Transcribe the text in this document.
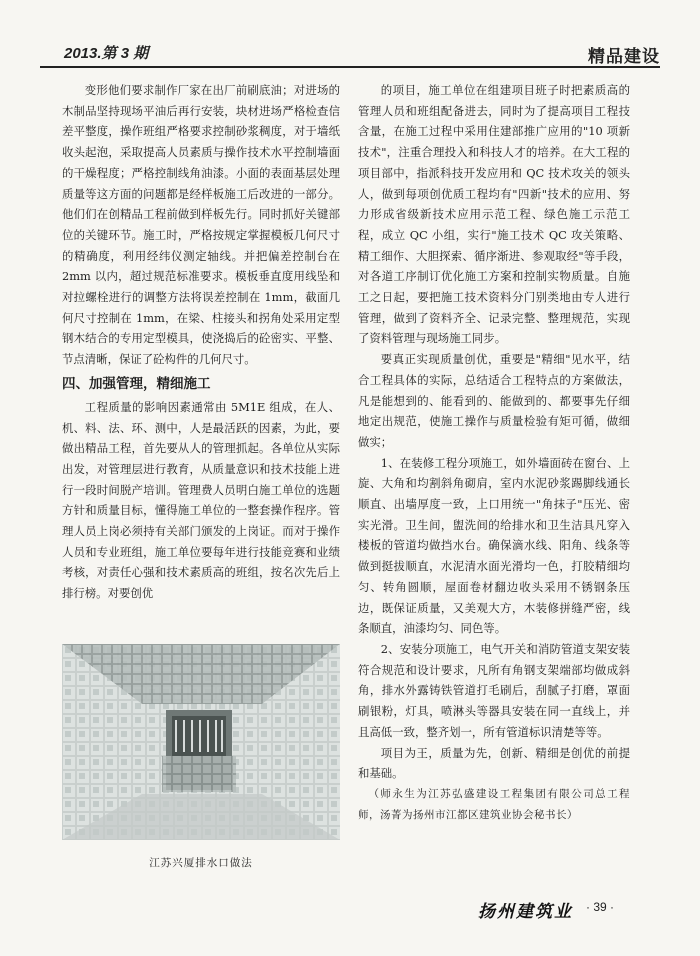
2013.第 3 期	精品建设

变形他们要求制作厂家在出厂前刷底油；对进场的木制品坚持现场平油后再行安装，块材进场严格检查信差平整度，操作班组严格要求控制砂浆稠度，对于墙纸收头起泡，采取提高人员素质与操作技术水平控制墙面的干燥程度；严格控制线角油漆。小面的表面基层处理质量等这方面的问题都是经样板施工后改进的一部分。他们们在创精品工程前做到样板先行。同时抓好关键部位的关键环节。施工时，严格按规定掌握模板几何尺寸的精确度，利用经纬仪测定轴线。并把偏差控制台在 2mm 以内，超过规范标准要求。模板垂直度用线坠和对拉螺栓进行的调整方法将误差控制在 1mm，截面几何尺寸控制在 1mm，在梁、柱接头和拐角处采用定型钢木结合的专用定型模具，使浇捣后的砼密实、平整、节点清晰，保证了砼构件的几何尺寸。

四、加强管理，精细施工

工程质量的影响因素通常由 5M1E 组成，在人、机、料、法、环、测中，人是最活跃的因素，为此，要做出精品工程，首先要从人的管理抓起。各单位从实际出发，对管理层进行教育，从质量意识和技术技能上进行一段时间脱产培训。管理费人员明白施工单位的选题方针和质量目标，懂得施工单位的一整套操作程序。管理人员上岗必须持有关部门颁发的上岗证。而对于操作人员和专业班组，施工单位要每年进行技能竞赛和业绩考核，对责任心强和技术素质高的班组，按名次先后上排行榜。对要创优

江苏兴厦排水口做法

的项目，施工单位在组建项目班子时把素质高的管理人员和班组配备进去，同时为了提高项目工程技含量，在施工过程中采用住建部推广应用的"10 项新技术"，注重合理投入和科技人才的培养。在大工程的项目部中，指派科技开发应用和 QC 技术攻关的领头人，做到每项创优质工程均有"四新"技术的应用、努力形成省级新技术应用示范工程、绿色施工示范工程，成立 QC 小组，实行"施工技术 QC 攻关策略、精工细作、大胆探索、循序渐进、参观取经"等手段，对各道工序制订优化施工方案和控制实物质量。自施工之日起，要把施工技术资料分门别类地由专人进行管理，做到了资料齐全、记录完整、整理规范，实现了资料管理与现场施工同步。

要真正实现质量创优，重要是"精细"见水平，结合工程具体的实际，总结适合工程特点的方案做法，凡是能想到的、能看到的、能做到的、都要事先仔细地定出规范，使施工操作与质量检验有矩可循，做细做实；

1、在装修工程分项施工，如外墙面砖在窗台、上旋、大角和均割斜角砌肩，室内水泥砂浆踢脚线通长顺直、出墙厚度一致，上口用统一"角抹子"压光、密实光滑。卫生间，盥洗间的给排水和卫生洁具凡穿入楼板的管道均做挡水台。确保滴水线、阳角、线条等做到挺拔顺直，水泥清水面光滑均一色，打胶精细均匀、转角圆顺，屋面卷材翻边收头采用不锈钢条压边，既保证质量，又美观大方，木装修拼缝严密，线条顺直，油漆均匀、同色等。

2、安装分项施工，电气开关和消防管道支架安装符合规范和设计要求，凡所有角钢支架端部均做成斜角，排水外露铸铁管道打毛刷后，刮腻子打磨，罩面刷银粉，灯具，喷淋头等器具安装在同一直线上，并且高低一致，整齐划一，所有管道标识清楚等等。

项目为王，质量为先，创新、精细是创优的前提和基础。

（师永生为江苏弘盛建设工程集团有限公司总工程师，汤菁为扬州市江都区建筑业协会秘书长）

扬州建筑业 · 39 ·
